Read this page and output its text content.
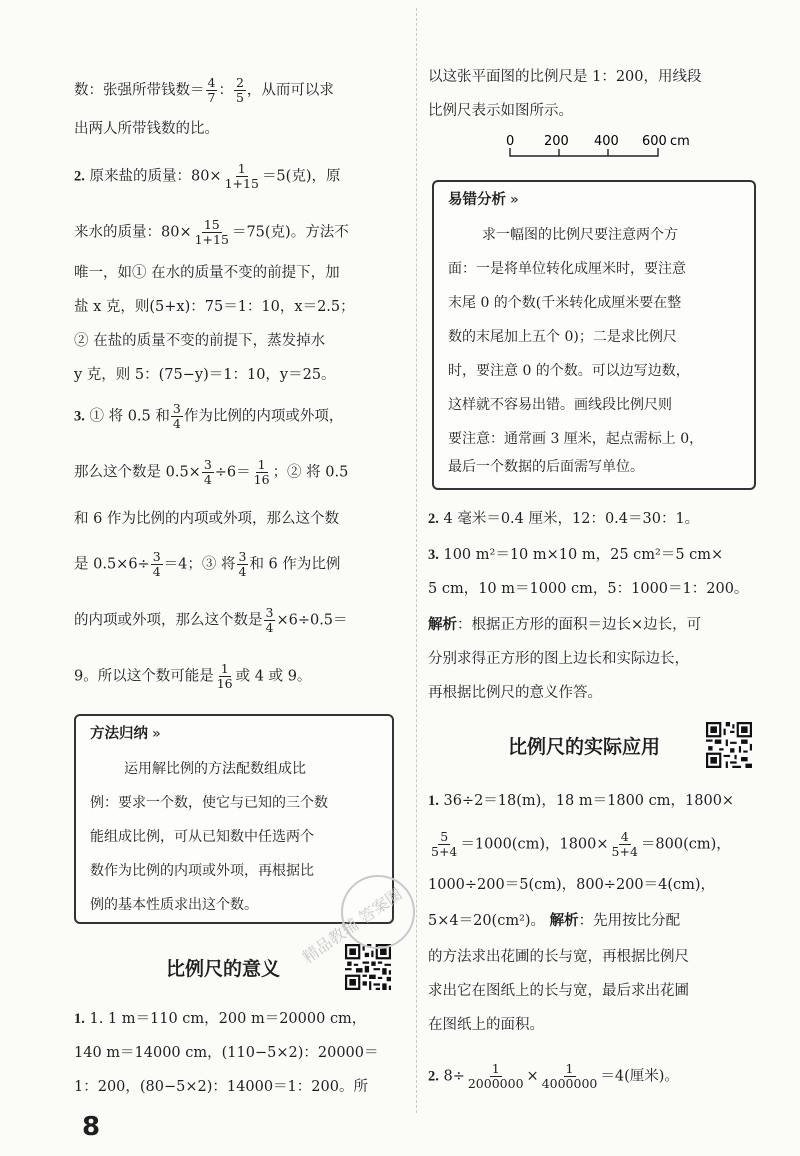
数：张强所带钱数＝ $\frac{4}{7}$ ： $\frac{2}{5}$ ，从而可以求
出两人所带钱数的比。
2. 原来盐的质量：$80\times \frac{1}{1+15} =5$(克)，原
来水的质量：$80\times \frac{15}{1+15} =75$(克)。方法不
唯一，如① 在水的质量不变的前提下，加
盐 x 克，则(5+x)：75＝1：10，x＝2.5；
② 在盐的质量不变的前提下，蒸发掉水
y 克，则 5：(75−y)＝1：10，y＝25。
3. ① 将 0.5 和 $\frac{3}{4}$ 作为比例的内项或外项，
那么这个数是 $0.5\times \frac{3}{4} \div 6= \frac{1}{16}$ ；② 将 0.5
和 6 作为比例的内项或外项，那么这个数
是 $0.5\times 6\div \frac{3}{4} =4$；③ 将 $\frac{3}{4}$ 和 6 作为比例
的内项或外项，那么这个数是 $\frac{3}{4} \times 6\div 0.5=$
9。所以这个数可能是 $\frac{1}{16}$ 或 4 或 9。
方法归纳 »
运用解比例的方法配数组成比
例：要求一个数，使它与已知的三个数
能组成比例，可从已知数中任选两个
数作为比例的内项或外项，再根据比
例的基本性质求出这个数。
比例尺的意义
1. 1. 1 m＝110 cm，200 m＝20000 cm，
140 m＝14000 cm，(110−5×2)：20000＝
1：200，(80−5×2)：14000＝1：200。所
精品教辅 答案圈
8
以这张平面图的比例尺是 1：200，用线段
比例尺表示如图所示。
0 200 400 600 cm
易错分析 »
求一幅图的比例尺要注意两个方
面：一是将单位转化成厘米时，要注意
末尾 0 的个数(千米转化成厘米要在整
数的末尾加上五个 0)；二是求比例尺
时，要注意 0 的个数。可以边写边数，
这样就不容易出错。画线段比例尺则
要注意：通常画 3 厘米，起点需标上 0，
最后一个数据的后面需写单位。
2. 4 毫米＝0.4 厘米，12：0.4＝30：1。
3. 100 m²＝10 m×10 m，25 cm²＝5 cm×
5 cm，10 m＝1000 cm，5：1000＝1：200。
解析：根据正方形的面积＝边长×边长，可
分别求得正方形的图上边长和实际边长，
再根据比例尺的意义作答。
比例尺的实际应用
1. 36÷2＝18(m)，18 m＝1800 cm，1800×
$\frac{5}{5+4} =1000(cm)$，$1800\times \frac{4}{5+4} =800(cm)$，
1000÷200＝5(cm)，800÷200＝4(cm)，
5×4＝20(cm²)。 解析：先用按比分配
的方法求出花圃的长与宽，再根据比例尺
求出它在图纸上的长与宽，最后求出花圃
在图纸上的面积。
2. $8\div \frac{1}{2000000} \times \frac{1}{4000000} =4$(厘米)。
